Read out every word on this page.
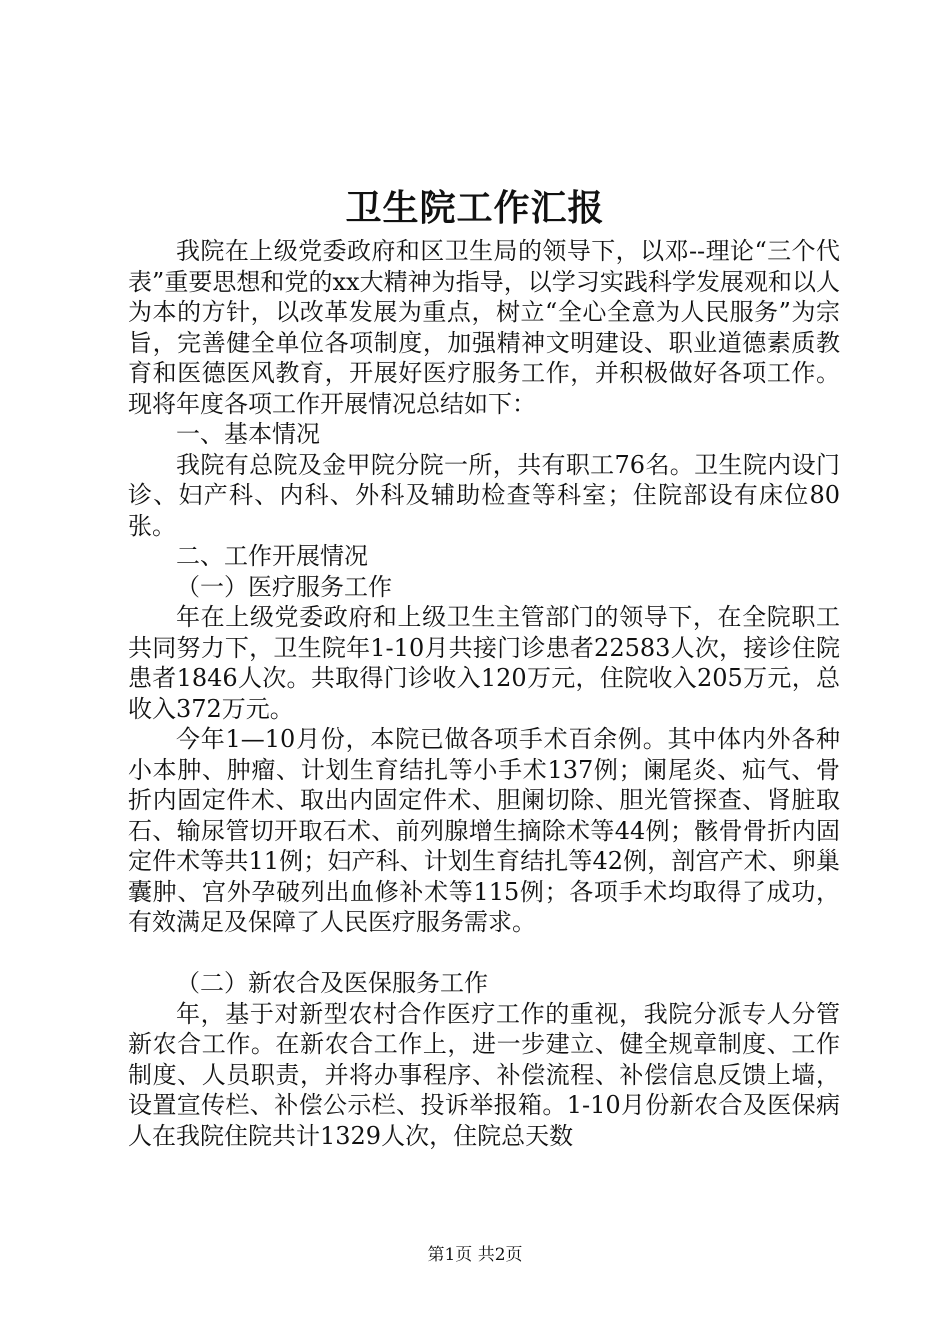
卫生院工作汇报

我院在上级党委政府和区卫生局的领导下，以邓--理论“三个代表”重要思想和党的xx大精神为指导，以学习实践科学发展观和以人为本的方针，以改革发展为重点，树立“全心全意为人民服务”为宗旨，完善健全单位各项制度，加强精神文明建设、职业道德素质教育和医德医风教育，开展好医疗服务工作，并积极做好各项工作。现将年度各项工作开展情况总结如下：

一、基本情况

我院有总院及金甲院分院一所，共有职工76名。卫生院内设门诊、妇产科、内科、外科及辅助检查等科室；住院部设有床位80张。

二、工作开展情况

（一）医疗服务工作

年在上级党委政府和上级卫生主管部门的领导下，在全院职工共同努力下，卫生院年1-10月共接门诊患者22583人次，接诊住院患者1846人次。共取得门诊收入120万元，住院收入205万元，总收入372万元。

今年1—10月份，本院已做各项手术百余例。其中体内外各种小本肿、肿瘤、计划生育结扎等小手术137例；阑尾炎、疝气、骨折内固定件术、取出内固定件术、胆阑切除、胆光管探查、肾脏取石、输尿管切开取石术、前列腺增生摘除术等44例；骸骨骨折内固定件术等共11例；妇产科、计划生育结扎等42例，剖宫产术、卵巢囊肿、宫外孕破列出血修补术等115例；各项手术均取得了成功，有效满足及保障了人民医疗服务需求。

（二）新农合及医保服务工作

年，基于对新型农村合作医疗工作的重视，我院分派专人分管新农合工作。在新农合工作上，进一步建立、健全规章制度、工作制度、人员职责，并将办事程序、补偿流程、补偿信息反馈上墙，设置宣传栏、补偿公示栏、投诉举报箱。1-10月份新农合及医保病人在我院住院共计1329人次，住院总天数

第1页 共2页
